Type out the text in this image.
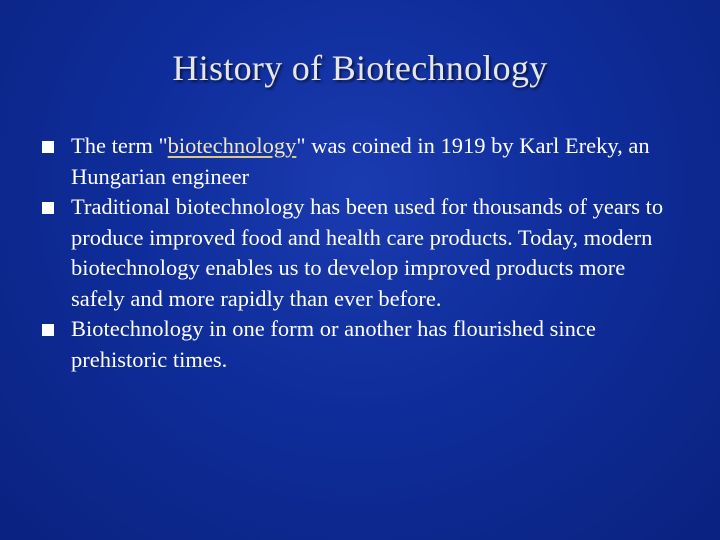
History of Biotechnology
The term "biotechnology" was coined in 1919 by Karl Ereky, an Hungarian engineer
Traditional biotechnology has been used for thousands of years to produce improved food and health care products. Today, modern biotechnology enables us to develop improved products more safely and more rapidly than ever before.
Biotechnology in one form or another has flourished since prehistoric times.
